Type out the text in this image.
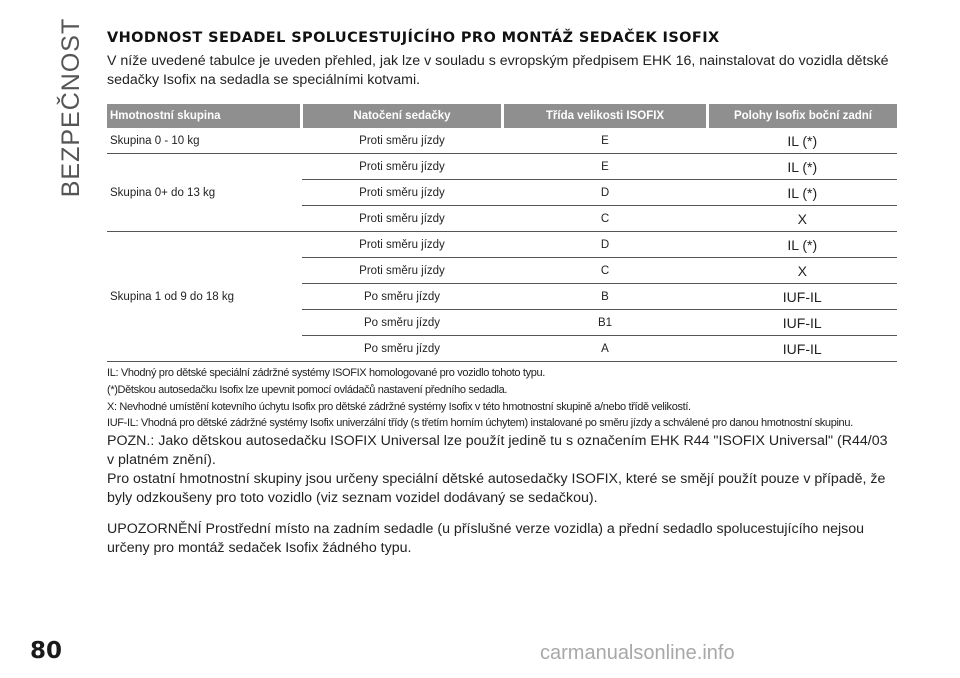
BEZPEČNOST
80
VHODNOST SEDADEL SPOLUCESTUJÍCÍHO PRO MONTÁŽ SEDAČEK ISOFIX

V níže uvedené tabulce je uveden přehled, jak lze v souladu s evropským předpisem EHK 16, nainstalovat do vozidla dětské sedačky Isofix na sedadla se speciálními kotvami.

Hmotnostní skupina	Natočení sedačky	Třída velikosti ISOFIX	Polohy Isofix boční zadní
Skupina 0 - 10 kg	Proti směru jízdy	E	IL (*)
Skupina 0+ do 13 kg	Proti směru jízdy	E	IL (*)
	Proti směru jízdy	D	IL (*)
	Proti směru jízdy	C	X
Skupina 1 od 9 do 18 kg	Proti směru jízdy	D	IL (*)
	Proti směru jízdy	C	X
	Po směru jízdy	B	IUF-IL
	Po směru jízdy	B1	IUF-IL
	Po směru jízdy	A	IUF-IL

IL: Vhodný pro dětské speciální zádržné systémy ISOFIX homologované pro vozidlo tohoto typu.

(*)Dětskou autosedačku Isofix lze upevnit pomocí ovládačů nastavení předního sedadla.

X: Nevhodné umístění kotevního úchytu Isofix pro dětské zádržné systémy Isofix v této hmotnostní skupině a/nebo třídě velikostí.

IUF-IL: Vhodná pro dětské zádržné systémy Isofix univerzální třídy (s třetím horním úchytem) instalované po směru jízdy a schválené pro danou hmotnostní skupinu.

POZN.: Jako dětskou autosedačku ISOFIX Universal lze použít jedině tu s označením EHK R44 "ISOFIX Universal" (R44/03 v platném znění).

Pro ostatní hmotnostní skupiny jsou určeny speciální dětské autosedačky ISOFIX, které se smějí použít pouze v případě, že byly odzkoušeny pro toto vozidlo (viz seznam vozidel dodávaný se sedačkou).

UPOZORNĚNÍ Prostřední místo na zadním sedadle (u příslušné verze vozidla) a přední sedadlo spolucestujícího nejsou určeny pro montáž sedaček Isofix žádného typu.

carmanualsonline.info
